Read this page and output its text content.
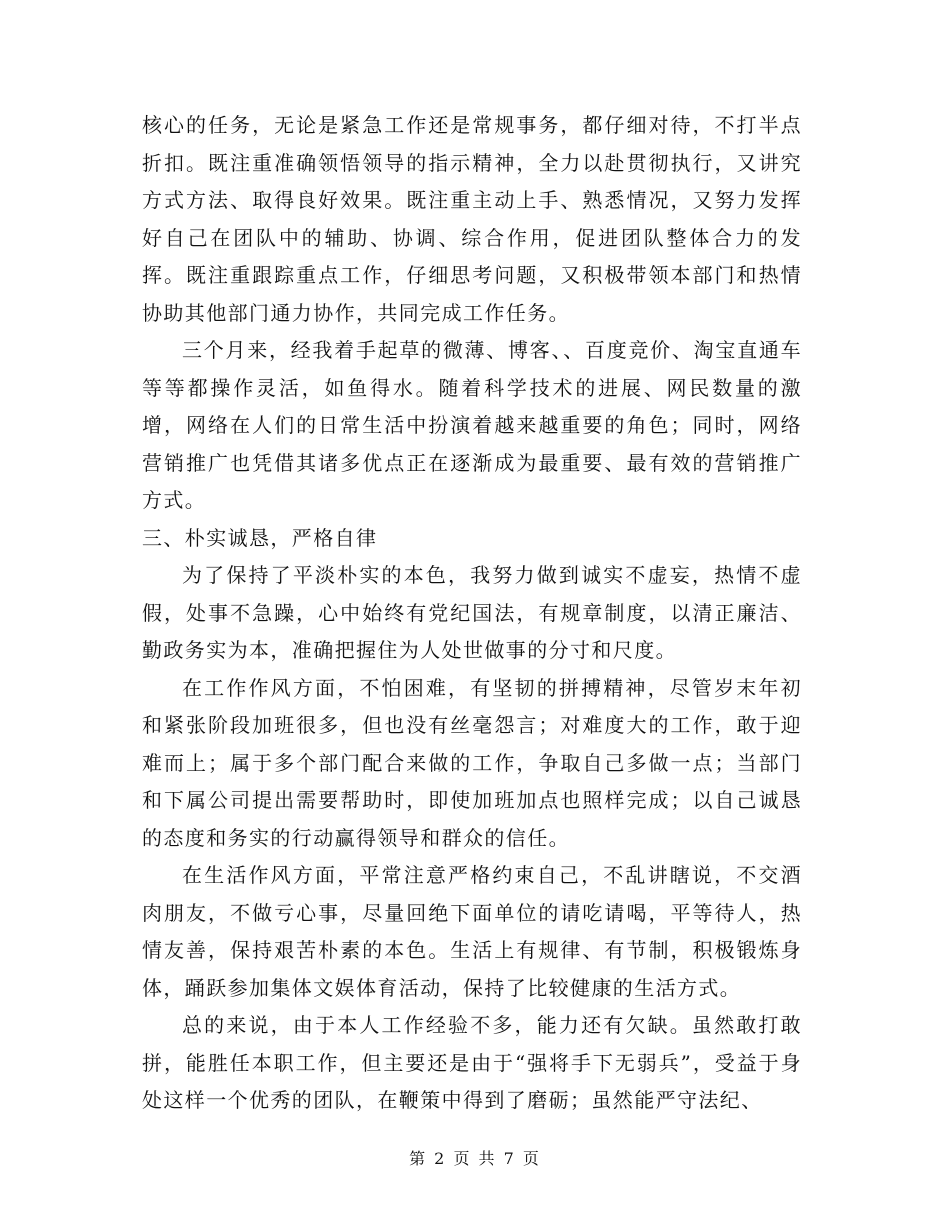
核心的任务，无论是紧急工作还是常规事务，都仔细对待，不打半点折扣。既注重准确领悟领导的指示精神，全力以赴贯彻执行，又讲究方式方法、取得良好效果。既注重主动上手、熟悉情况，又努力发挥好自己在团队中的辅助、协调、综合作用，促进团队整体合力的发挥。既注重跟踪重点工作，仔细思考问题，又积极带领本部门和热情协助其他部门通力协作，共同完成工作任务。

三个月来，经我着手起草的微薄、博客、、百度竞价、淘宝直通车等等都操作灵活，如鱼得水。随着科学技术的进展、网民数量的激增，网络在人们的日常生活中扮演着越来越重要的角色；同时，网络营销推广也凭借其诸多优点正在逐渐成为最重要、最有效的营销推广方式。

三、朴实诚恳，严格自律

为了保持了平淡朴实的本色，我努力做到诚实不虚妄，热情不虚假，处事不急躁，心中始终有党纪国法，有规章制度，以清正廉洁、勤政务实为本，准确把握住为人处世做事的分寸和尺度。

在工作作风方面，不怕困难，有坚韧的拼搏精神，尽管岁末年初和紧张阶段加班很多，但也没有丝毫怨言；对难度大的工作，敢于迎难而上；属于多个部门配合来做的工作，争取自己多做一点；当部门和下属公司提出需要帮助时，即使加班加点也照样完成；以自己诚恳的态度和务实的行动赢得领导和群众的信任。

在生活作风方面，平常注意严格约束自己，不乱讲瞎说，不交酒肉朋友，不做亏心事，尽量回绝下面单位的请吃请喝，平等待人，热情友善，保持艰苦朴素的本色。生活上有规律、有节制，积极锻炼身体，踊跃参加集体文娱体育活动，保持了比较健康的生活方式。

总的来说，由于本人工作经验不多，能力还有欠缺。虽然敢打敢拼，能胜任本职工作，但主要还是由于“强将手下无弱兵”，受益于身处这样一个优秀的团队，在鞭策中得到了磨砺；虽然能严守法纪、

第 2 页 共 7 页
